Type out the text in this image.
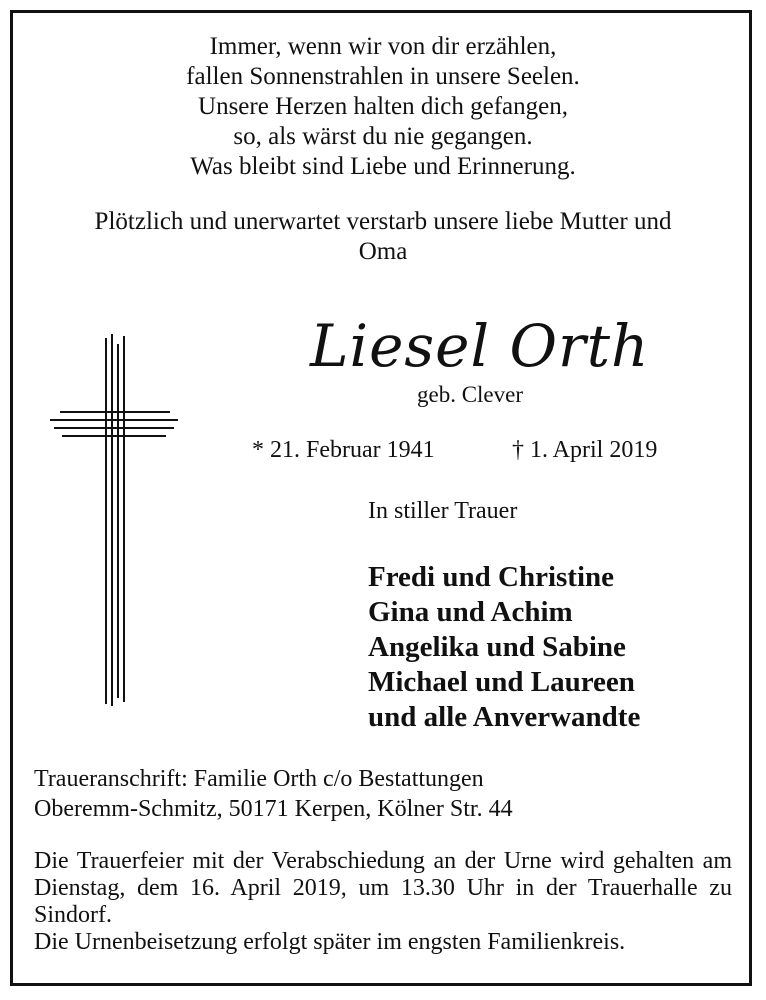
Immer, wenn wir von dir erzählen,
fallen Sonnenstrahlen in unsere Seelen.
Unsere Herzen halten dich gefangen,
so, als wärst du nie gegangen.
Was bleibt sind Liebe und Erinnerung.
Plötzlich und unerwartet verstarb unsere liebe Mutter und
Oma
Liesel Orth
geb. Clever
* 21. Februar 1941	† 1. April 2019
In stiller Trauer
Fredi und Christine
Gina und Achim
Angelika und Sabine
Michael und Laureen
und alle Anverwandte
Traueranschrift: Familie Orth c/o Bestattungen
Oberemm-Schmitz, 50171 Kerpen, Kölner Str. 44
Die Trauerfeier mit der Verabschiedung an der Urne wird gehalten am Dienstag, dem 16. April 2019, um 13.30 Uhr in der Trauerhalle zu Sindorf.
Die Urnenbeisetzung erfolgt später im engsten Familienkreis.
